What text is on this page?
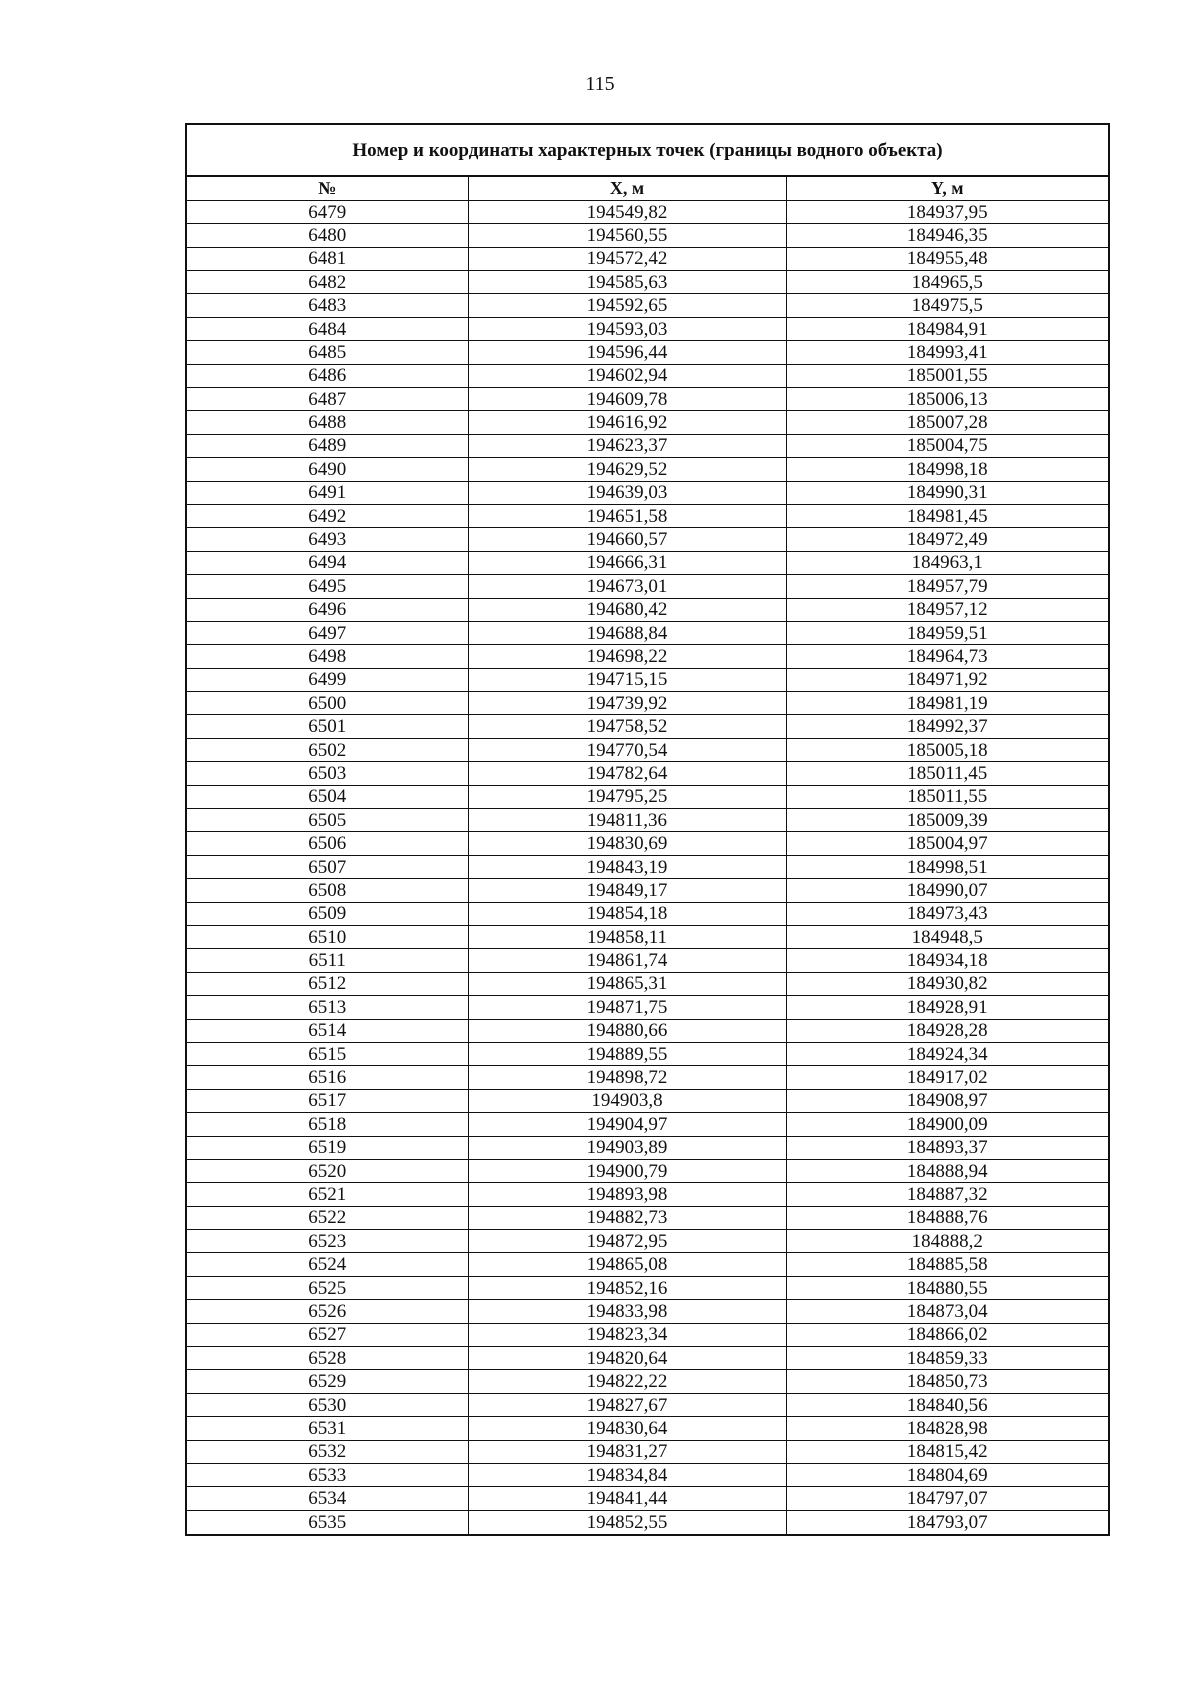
115
Номер и координаты характерных точек (границы водного объекта)
№	X, м	Y, м
6479	194549,82	184937,95
6480	194560,55	184946,35
6481	194572,42	184955,48
6482	194585,63	184965,5
6483	194592,65	184975,5
6484	194593,03	184984,91
6485	194596,44	184993,41
6486	194602,94	185001,55
6487	194609,78	185006,13
6488	194616,92	185007,28
6489	194623,37	185004,75
6490	194629,52	184998,18
6491	194639,03	184990,31
6492	194651,58	184981,45
6493	194660,57	184972,49
6494	194666,31	184963,1
6495	194673,01	184957,79
6496	194680,42	184957,12
6497	194688,84	184959,51
6498	194698,22	184964,73
6499	194715,15	184971,92
6500	194739,92	184981,19
6501	194758,52	184992,37
6502	194770,54	185005,18
6503	194782,64	185011,45
6504	194795,25	185011,55
6505	194811,36	185009,39
6506	194830,69	185004,97
6507	194843,19	184998,51
6508	194849,17	184990,07
6509	194854,18	184973,43
6510	194858,11	184948,5
6511	194861,74	184934,18
6512	194865,31	184930,82
6513	194871,75	184928,91
6514	194880,66	184928,28
6515	194889,55	184924,34
6516	194898,72	184917,02
6517	194903,8	184908,97
6518	194904,97	184900,09
6519	194903,89	184893,37
6520	194900,79	184888,94
6521	194893,98	184887,32
6522	194882,73	184888,76
6523	194872,95	184888,2
6524	194865,08	184885,58
6525	194852,16	184880,55
6526	194833,98	184873,04
6527	194823,34	184866,02
6528	194820,64	184859,33
6529	194822,22	184850,73
6530	194827,67	184840,56
6531	194830,64	184828,98
6532	194831,27	184815,42
6533	194834,84	184804,69
6534	194841,44	184797,07
6535	194852,55	184793,07
